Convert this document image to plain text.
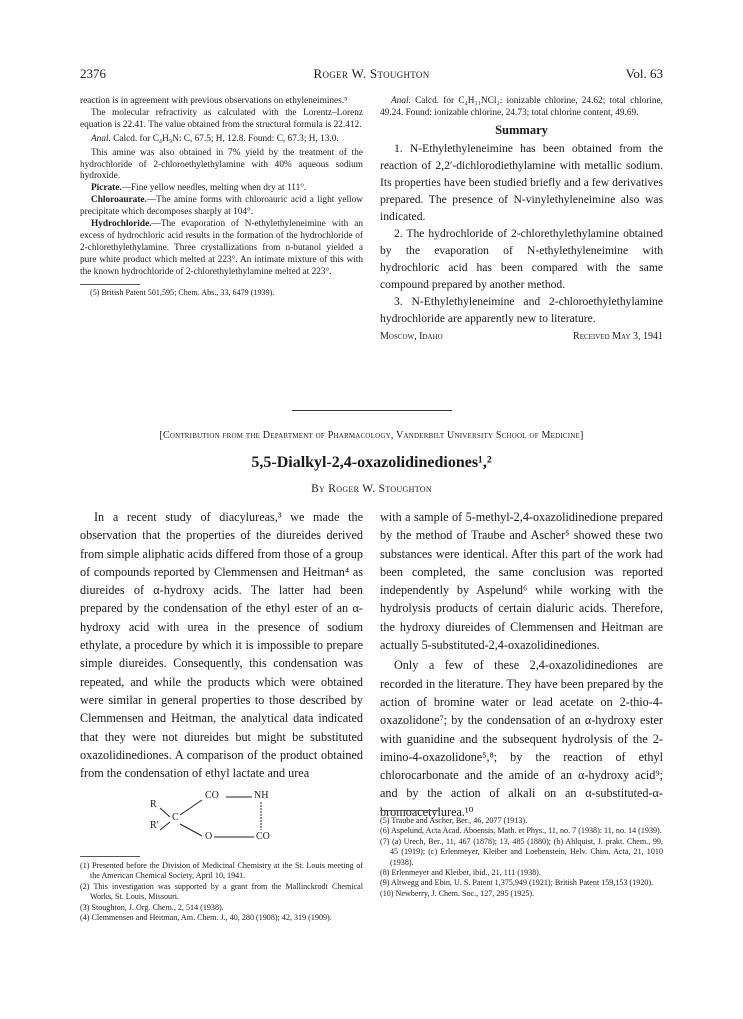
2376	Roger W. Stoughton	Vol. 63

reaction is in agreement with previous observations on ethyleneimines.⁵

The molecular refractivity as calculated with the Lorentz–Lorenz equation is 22.41. The value obtained from the structural formula is 22.412.

Anal. Calcd. for C₄H₉N: C, 67.5; H, 12.8. Found: C, 67.3; H, 13.0.

This amine was also obtained in 7% yield by the treatment of the hydrochloride of 2-chloroethylethylamine with 40% aqueous sodium hydroxide.

Picrate.—Fine yellow needles, melting when dry at 111°.

Chloroaurate.—The amine forms with chloroauric acid a light yellow precipitate which decomposes sharply at 104°.

Hydrochloride.—The evaporation of N-ethylethyleneimine with an excess of hydrochloric acid results in the formation of the hydrochloride of 2-chlorethylethylamine. Three crystallizations from n-butanol yielded a pure white product which melted at 223°. An intimate mixture of this with the known hydrochloride of 2-chlorethylethylamine melted at 223°.

(5) British Patent 501,595; Chem. Abs., 33, 6479 (1939).

Anal. Calcd. for C₄H₁₁NCl₂: ionizable chlorine, 24.62; total chlorine, 49.24. Found: ionizable chlorine, 24.73; total chlorine content, 49.69.

Summary

1. N-Ethylethyleneimine has been obtained from the reaction of 2,2′-dichlorodiethylamine with metallic sodium. Its properties have been studied briefly and a few derivatives prepared. The presence of N-vinylethyleneimine also was indicated.

2. The hydrochloride of 2-chlorethylethylamine obtained by the evaporation of N-ethylethyleneimine with hydrochloric acid has been compared with the same compound prepared by another method.

3. N-Ethylethyleneimine and 2-chloroethylethylamine hydrochloride are apparently new to literature.

Moscow, Idaho	Received May 3, 1941
[Contribution from the Department of Pharmacology, Vanderbilt University School of Medicine]
5,5-Dialkyl-2,4-oxazolidinediones¹,²
By Roger W. Stoughton

In a recent study of diacylureas,³ we made the observation that the properties of the diureides derived from simple aliphatic acids differed from those of a group of compounds reported by Clemmensen and Heitman⁴ as diureides of α-hydroxy acids. The latter had been prepared by the condensation of the ethyl ester of an α-hydroxy acid with urea in the presence of sodium ethylate, a procedure by which it is impossible to prepare simple diureides. Consequently, this condensation was repeated, and while the products which were obtained were similar in general properties to those described by Clemmensen and Heitman, the analytical data indicated that they were not diureides but might be substituted oxazolidinediones. A comparison of the product obtained from the condensation of ethyl lactate and urea

R
C
R′
CO	NH
O	CO

(1) Presented before the Division of Medicinal Chemistry at the St. Louis meeting of the American Chemical Society, April 10, 1941.

(2) This investigation was supported by a grant from the Mallinckrodt Chemical Works, St. Louis, Missouri.

(3) Stoughton, J. Org. Chem., 2, 514 (1938).

(4) Clemmensen and Heitman, Am. Chem. J., 40, 280 (1908); 42, 319 (1909).

with a sample of 5-methyl-2,4-oxazolidinedione prepared by the method of Traube and Ascher⁵ showed these two substances were identical. After this part of the work had been completed, the same conclusion was reported independently by Aspelund⁶ while working with the hydrolysis products of certain dialuric acids. Therefore, the hydroxy diureides of Clemmensen and Heitman are actually 5-substituted-2,4-oxazolidinediones.

Only a few of these 2,4-oxazolidinediones are recorded in the literature. They have been prepared by the action of bromine water or lead acetate on 2-thio-4-oxazolidone⁷; by the condensation of an α-hydroxy ester with guanidine and the subsequent hydrolysis of the 2-imino-4-oxazolidone⁵,⁸; by the reaction of ethyl chlorocarbonate and the amide of an α-hydroxy acid⁹; and by the action of alkali on an α-substituted-α-bromoacetylurea.¹⁰

(5) Traube and Ascher, Ber., 46, 2077 (1913).

(6) Aspelund, Acta Acad. Aboensis, Math. et Phys., 11, no. 7 (1938): 11, no. 14 (1939).

(7) (a) Urech, Ber., 11, 467 (1878); 13, 485 (1880); (b) Ahlquist, J. prakt. Chem., 99, 45 (1919); (c) Erlenmeyer, Kleiber and Loebenstein, Helv. Chim. Acta, 21, 1010 (1938).

(8) Erlenmeyer and Kleiber, ibid., 21, 111 (1938).

(9) Altwegg and Ebin, U. S. Patent 1,375,949 (1921); British Patent 159,153 (1920).

(10) Newberry, J. Chem. Soc., 127, 295 (1925).
